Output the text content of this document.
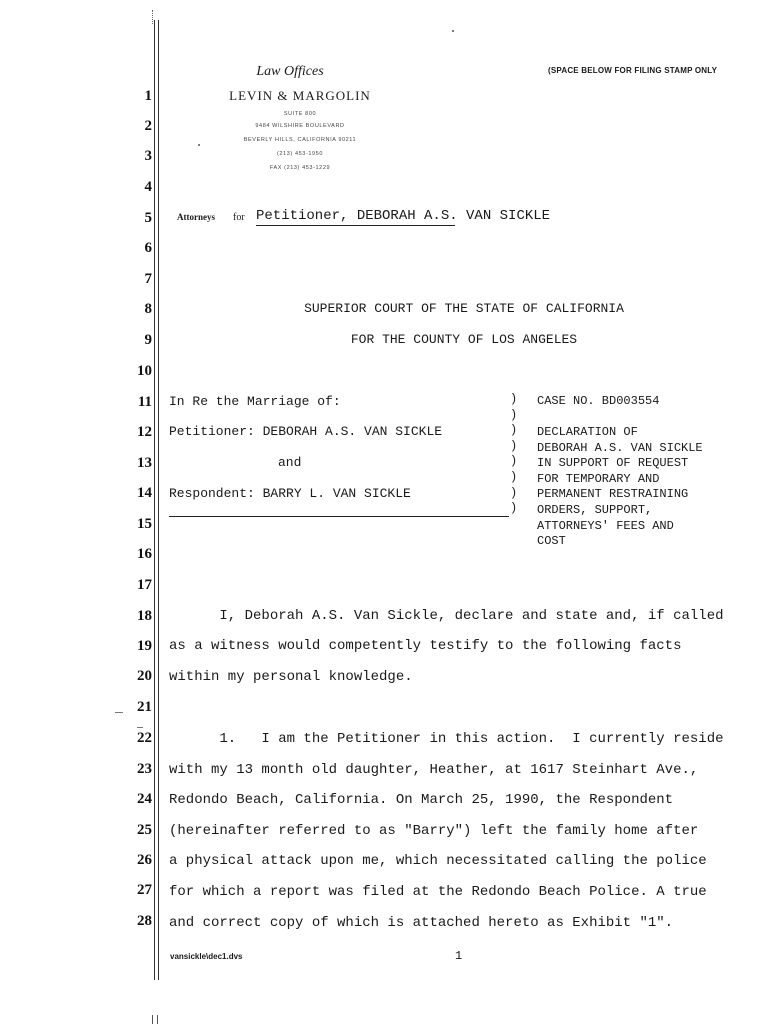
1
2
3
4
5
6
7
8
9
10
11
12
13
14
15
16
17
18
19
20
21
22
23
24
25
26
27
28
Law Offices
LEVIN & MARGOLIN
SUITE 800
9484 WILSHIRE BOULEVARD
BEVERLY HILLS, CALIFORNIA 90211
(213) 453-1950
FAX (213) 453-1229
(SPACE BELOW FOR FILING STAMP ONLY
Attorneys for Petitioner, DEBORAH A.S. VAN SICKLE
SUPERIOR COURT OF THE STATE OF CALIFORNIA
FOR THE COUNTY OF LOS ANGELES
In Re the Marriage of:
Petitioner: DEBORAH A.S. VAN SICKLE
and
Respondent: BARRY L. VAN SICKLE
)
)
)
)
)
)
)
)
CASE NO. BD003554
DECLARATION OF
DEBORAH A.S. VAN SICKLE
IN SUPPORT OF REQUEST
FOR TEMPORARY AND
PERMANENT RESTRAINING
ORDERS, SUPPORT,
ATTORNEYS' FEES AND
COST
I, Deborah A.S. Van Sickle, declare and state and, if called
as a witness would competently testify to the following facts
within my personal knowledge.
1.   I am the Petitioner in this action.  I currently reside
with my 13 month old daughter, Heather, at 1617 Steinhart Ave.,
Redondo Beach, California. On March 25, 1990, the Respondent
(hereinafter referred to as "Barry") left the family home after
a physical attack upon me, which necessitated calling the police
for which a report was filed at the Redondo Beach Police. A true
and correct copy of which is attached hereto as Exhibit "1".
vansickle\dec1.dvs	1
